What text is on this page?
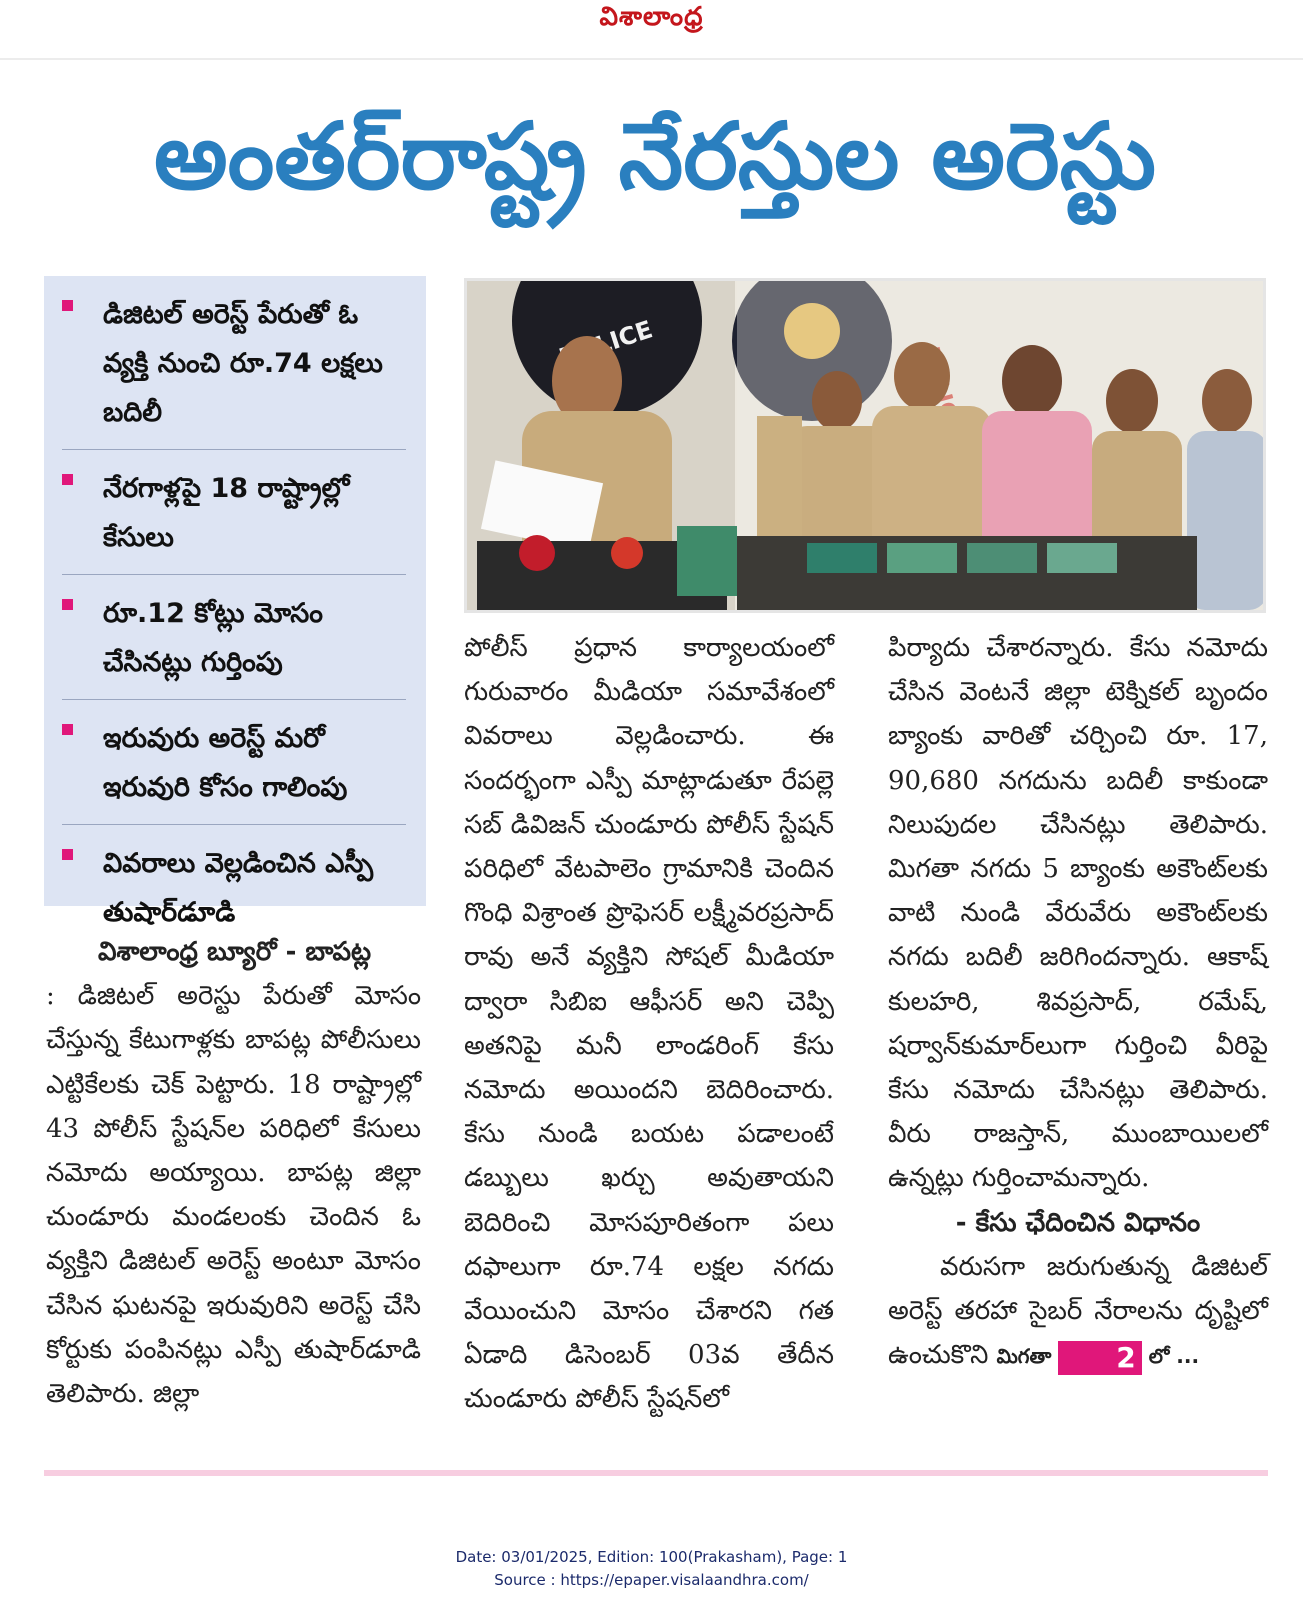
విశాలాంధ్ర
అంతర్‌రాష్ట్ర నేరస్తుల అరెస్టు
డిజిటల్‌ అరెస్ట్‌ పేరుతో ఓ వ్యక్తి నుంచి రూ.74 లక్షలు బదిలీ
నేరగాళ్లపై 18 రాష్ట్రాల్లో కేసులు
రూ.12 కోట్లు మోసం చేసినట్లు గుర్తింపు
ఇరువురు అరెస్ట్‌ మరో ఇరువురి కోసం గాలింపు
వివరాలు వెల్లడించిన ఎస్పీ తుషార్‌డూడి

విశాలాంధ్ర బ్యూరో - బాపట్ల

: డిజిటల్‌ అరెస్టు పేరుతో మోసం చేస్తున్న కేటుగాళ్లకు బాపట్ల పోలీసులు ఎట్టికేలకు చెక్‌ పెట్టారు. 18 రాష్ట్రాల్లో 43 పోలీస్‌ స్టేషన్‌ల పరిధిలో కేసులు నమోదు అయ్యాయి. బాపట్ల జిల్లా చుండూరు మండలంకు చెందిన ఓ వ్యక్తిని డిజిటల్‌ అరెస్ట్‌ అంటూ మోసం చేసిన ఘటనపై ఇరువురిని అరెస్ట్‌ చేసి కోర్టుకు పంపినట్లు ఎస్పీ తుషార్‌డూడి తెలిపారు. జిల్లా

పోలీస్‌ ప్రధాన కార్యాలయంలో గురువారం మీడియా సమావేశంలో వివరాలు వెల్లడించారు. ఈ సందర్భంగా ఎస్పీ మాట్లాడుతూ రేపల్లె సబ్‌ డివిజన్‌ చుండూరు పోలీస్‌ స్టేషన్‌ పరిధిలో వేటపాలెం గ్రామానికి చెందిన గొంధి విశ్రాంత ప్రొఫెసర్‌ లక్ష్మీవరప్రసాద్‌ రావు అనే వ్యక్తిని సోషల్‌ మీడియా ద్వారా సిబిఐ ఆఫీసర్‌ అని చెప్పి అతనిపై మనీ లాండరింగ్‌ కేసు నమోదు అయిందని బెదిరించారు. కేసు నుండి బయట పడాలంటే డబ్బులు ఖర్చు అవుతాయని బెదిరించి మోసపూరితంగా పలు దఫాలుగా రూ.74 లక్షల నగదు వేయించుని మోసం చేశారని గత ఏడాది డిసెంబర్‌ 03వ తేదీన చుండూరు పోలీస్‌ స్టేషన్‌లో

పిర్యాదు చేశారన్నారు. కేసు నమోదు చేసిన వెంటనే జిల్లా టెక్నికల్‌ బృందం బ్యాంకు వారితో చర్చించి రూ. 17, 90,680 నగదును బదిలీ కాకుండా నిలుపుదల చేసినట్లు తెలిపారు. మిగతా నగదు 5 బ్యాంకు అకౌంట్‌లకు వాటి నుండి వేరువేరు అకౌంట్‌లకు నగదు బదిలీ జరిగిందన్నారు. ఆకాష్‌ కులహరి, శివప్రసాద్‌, రమేష్‌, షర్వాన్‌కుమార్‌లుగా గుర్తించి వీరిపై కేసు నమోదు చేసినట్లు తెలిపారు. వీరు రాజస్తాన్‌, ముంబాయిలలో ఉన్నట్లు గుర్తించామన్నారు.

- కేసు ఛేదించిన విధానం

వరుసగా జరుగుతున్న డిజిటల్‌ అరెస్ట్‌ తరహా సైబర్‌ నేరాలను దృష్టిలో ఉంచుకొని మిగతా 2 లో ...

Date: 03/01/2025, Edition: 100(Prakasham), Page: 1
Source : https://epaper.visalaandhra.com/
